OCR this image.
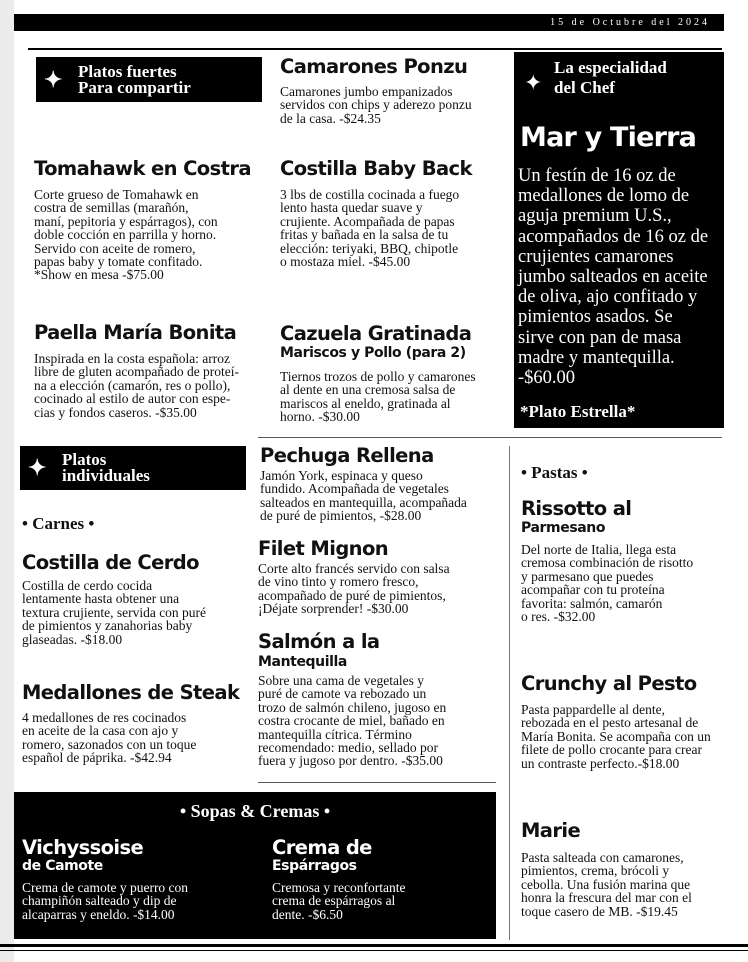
15 de Octubre del 2024
✦ Platos fuertes
Para compartir
Camarones Ponzu
Camarones jumbo empanizados
servidos con chips y aderezo ponzu
de la casa. -$24.35
Tomahawk en Costra
Corte grueso de Tomahawk en
costra de semillas (marañón,
maní, pepitoria y espárragos), con
doble cocción en parrilla y horno.
Servido con aceite de romero,
papas baby y tomate confitado.
*Show en mesa -$75.00
Costilla Baby Back
3 lbs de costilla cocinada a fuego
lento hasta quedar suave y
crujiente. Acompañada de papas
fritas y bañada en la salsa de tu
elección: teriyaki, BBQ, chipotle
o mostaza miel. -$45.00
Paella María Bonita
Inspirada en la costa española: arroz
libre de gluten acompañado de proteí-
na a elección (camarón, res o pollo),
cocinado al estilo de autor con espe-
cias y fondos caseros. -$35.00
Cazuela Gratinada
Mariscos y Pollo (para 2)
Tiernos trozos de pollo y camarones
al dente en una cremosa salsa de
mariscos al eneldo, gratinada al
horno. -$30.00
✦
La especialidad
del Chef
Mar y Tierra
Un festín de 16 oz de
medallones de lomo de
aguja premium U.S.,
acompañados de 16 oz de
crujientes camarones
jumbo salteados en aceite
de oliva, ajo confitado y
pimientos asados. Se
sirve con pan de masa
madre y mantequilla.
-$60.00
*Plato Estrella*
✦ Platos
individuales
• Carnes •
Costilla de Cerdo
Costilla de cerdo cocida
lentamente hasta obtener una
textura crujiente, servida con puré
de pimientos y zanahorias baby
glaseadas. -$18.00
Medallones de Steak
4 medallones de res cocinados
en aceite de la casa con ajo y
romero, sazonados con un toque
español de páprika. -$42.94
Pechuga Rellena
Jamón York, espinaca y queso
fundido. Acompañada de vegetales
salteados en mantequilla, acompañada
de puré de pimientos, -$28.00
Filet Mignon
Corte alto francés servido con salsa
de vino tinto y romero fresco,
acompañado de puré de pimientos,
¡Déjate sorprender! -$30.00
Salmón a la
Mantequilla
Sobre una cama de vegetales y
puré de camote va rebozado un
trozo de salmón chileno, jugoso en
costra crocante de miel, bañado en
mantequilla cítrica. Término
recomendado: medio, sellado por
fuera y jugoso por dentro. -$35.00
• Pastas •
Rissotto al
Parmesano
Del norte de Italia, llega esta
cremosa combinación de risotto
y parmesano que puedes
acompañar con tu proteína
favorita: salmón, camarón
o res. -$32.00
Crunchy al Pesto
Pasta pappardelle al dente,
rebozada en el pesto artesanal de
María Bonita. Se acompaña con un
filete de pollo crocante para crear
un contraste perfecto.-$18.00
Marie
Pasta salteada con camarones,
pimientos, crema, brócoli y
cebolla. Una fusión marina que
honra la frescura del mar con el
toque casero de MB. -$19.45
• Sopas & Cremas •
Vichyssoise
de Camote
Crema de camote y puerro con
champiñón salteado y dip de
alcaparras y eneldo. -$14.00
Crema de
Espárragos
Cremosa y reconfortante
crema de espárragos al
dente. -$6.50
